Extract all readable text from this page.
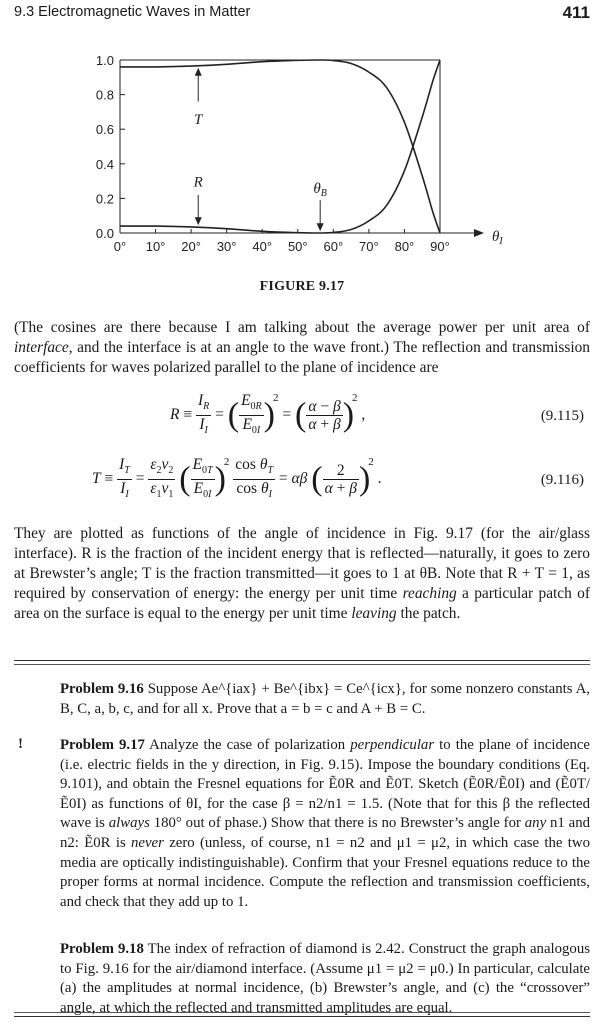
9.3 Electromagnetic Waves in Matter	411
0.0
0.2
0.4
0.6
0.8
1.0
0° 10° 20° 30° 40° 50° 60° 70° 80° 90°
$\theta_I$
T
R	$\theta_B$
FIGURE 9.17
(The cosines are there because I am talking about the average power per unit area of interface, and the interface is at an angle to the wave front.) The reflection and transmission coefficients for waves polarized parallel to the plane of incidence are
$R \equiv \frac{I_R}{I_I}$ = ( $\frac{E_{0R}}{E_{0I}} )^2$ = ( $\frac{\alpha - \beta}{\alpha + \beta} )^2$ ,	(9.115)
$T \equiv \frac{I_T}{I_I} = \frac{\varepsilon_2v_2}{\varepsilon_1v_1}$ ( $\frac{E_{0T}}{E_{0I}} )^2 \frac{\cos \theta_T}{\cos \theta_I} = \alpha\beta$ ( $\frac{2}{\alpha + \beta} )^2$ .	(9.116)
They are plotted as functions of the angle of incidence in Fig. 9.17 (for the air/glass interface). R is the fraction of the incident energy that is reflected—naturally, it goes to zero at Brewster’s angle; T is the fraction transmitted—it goes to 1 at θB. Note that R + T = 1, as required by conservation of energy: the energy per unit time reaching a particular patch of area on the surface is equal to the energy per unit time leaving the patch.
Problem 9.16 Suppose Ae^{iax} + Be^{ibx} = Ce^{icx}, for some nonzero constants A, B, C, a, b, c, and for all x. Prove that a = b = c and A + B = C.
!	Problem 9.17 Analyze the case of polarization perpendicular to the plane of incidence (i.e. electric fields in the y direction, in Fig. 9.15). Impose the boundary conditions (Eq. 9.101), and obtain the Fresnel equations for Ẽ0R and Ẽ0T. Sketch (Ẽ0R/Ẽ0I) and (Ẽ0T/Ẽ0I) as functions of θI, for the case β = n2/n1 = 1.5. (Note that for this β the reflected wave is always 180° out of phase.) Show that there is no Brewster’s angle for any n1 and n2: Ẽ0R is never zero (unless, of course, n1 = n2 and μ1 = μ2, in which case the two media are optically indistinguishable). Confirm that your Fresnel equations reduce to the proper forms at normal incidence. Compute the reflection and transmission coefficients, and check that they add up to 1.
Problem 9.18 The index of refraction of diamond is 2.42. Construct the graph analogous to Fig. 9.16 for the air/diamond interface. (Assume μ1 = μ2 = μ0.) In particular, calculate (a) the amplitudes at normal incidence, (b) Brewster’s angle, and (c) the “crossover” angle, at which the reflected and transmitted amplitudes are equal.
